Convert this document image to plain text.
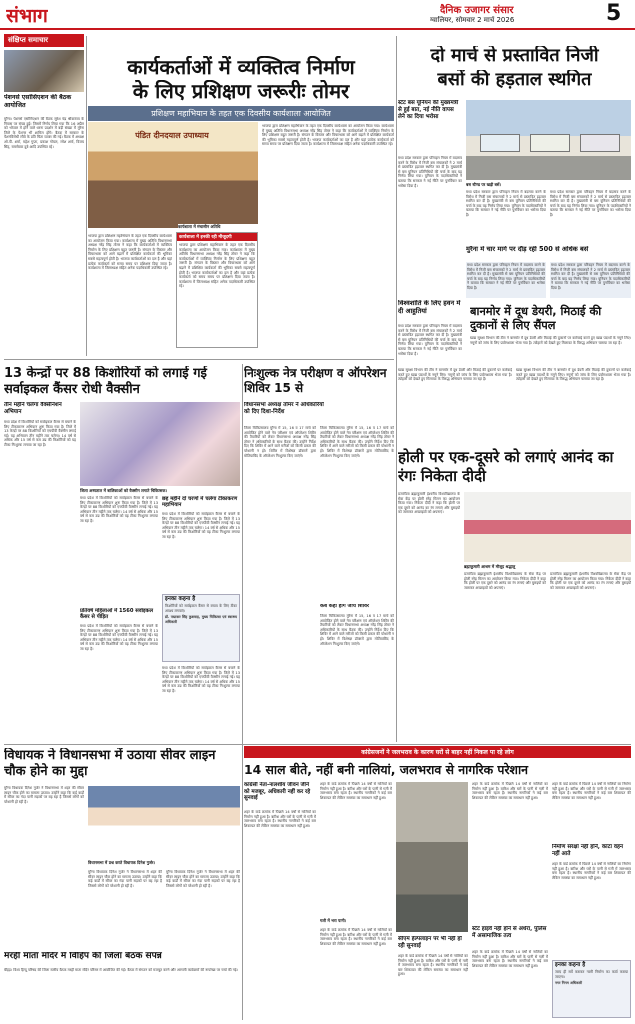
संभाग	दैनिक उजागर संसार
ग्वालियर, सोमवार 2 मार्च 2026	5
संक्षिप्त समाचार
पेंशनर्स एसोसिएशन की बैठक आयोजित
मुरैना। पेंशनर्स एसोसिएशन की बैठक सुरेश चंद्र श्रीवास्तव के निवास पर संपन्न हुई। जिसमें निर्णय लिया गया कि 16 अप्रैल को भोपाल में होने वाले धरना प्रदर्शन में बड़ी संख्या में मुरैना जिले के पेंशनर भी शामिल होंगे। बैठक में सरकार के पेंशनविरोधी रवैये के प्रति चिंता व्यक्त की गई। बैठक में अध्यक्ष ओ.पी. शर्मा, महेश गुप्ता, प्रकाश गोयल, रमेश शर्मा, विजय सिंह, रामसेवक दुबे आदि उपस्थित रहे।
कार्यकर्ताओं में व्यक्तित्व निर्माण
के लिए प्रशिक्षण जरूरीः तोमर
प्रशिक्षण महाभियान के तहत एक दिवसीय कार्यशाला आयोजित
पंडित दीनदयाल उपाध्याय
कार्यशाला में मंचासीन अतिथि
भाजपा द्वारा प्रशिक्षण महाभियान के तहत एक दिवसीय कार्यशाला का आयोजन किया गया। कार्यशाला में मुख्य अतिथि विधानसभा अध्यक्ष नरेंद्र सिंह तोमर ने कहा कि कार्यकर्ताओं में व्यक्तित्व निर्माण के लिए प्रशिक्षण बहुत जरूरी है। संगठन के विस्तार और विचारधारा को आगे बढ़ाने में प्रशिक्षित कार्यकर्ता की भूमिका सबसे महत्वपूर्ण होती है। भाजपा कार्यकर्ताओं का दल है और यहां प्रत्येक कार्यकर्ता को समय समय पर प्रशिक्षण दिया जाता है। कार्यशाला में जिलाध्यक्ष सहित अनेक पदाधिकारी उपस्थित रहे।
भाजपा द्वारा प्रशिक्षण महाभियान के तहत एक दिवसीय कार्यशाला का आयोजन किया गया। कार्यशाला में मुख्य अतिथि विधानसभा अध्यक्ष नरेंद्र सिंह तोमर ने कहा कि कार्यकर्ताओं में व्यक्तित्व निर्माण के लिए प्रशिक्षण बहुत जरूरी है। संगठन के विस्तार और विचारधारा को आगे बढ़ाने में प्रशिक्षित कार्यकर्ता की भूमिका सबसे महत्वपूर्ण होती है। भाजपा कार्यकर्ताओं का दल है और यहां प्रत्येक कार्यकर्ता को समय समय पर प्रशिक्षण दिया जाता है। कार्यशाला में जिलाध्यक्ष सहित अनेक पदाधिकारी उपस्थित रहे।
कार्यशाला में इनकी रही मौजूदगी
भाजपा द्वारा प्रशिक्षण महाभियान के तहत एक दिवसीय कार्यशाला का आयोजन किया गया। कार्यशाला में मुख्य अतिथि विधानसभा अध्यक्ष नरेंद्र सिंह तोमर ने कहा कि कार्यकर्ताओं में व्यक्तित्व निर्माण के लिए प्रशिक्षण बहुत जरूरी है। संगठन के विस्तार और विचारधारा को आगे बढ़ाने में प्रशिक्षित कार्यकर्ता की भूमिका सबसे महत्वपूर्ण होती है। भाजपा कार्यकर्ताओं का दल है और यहां प्रत्येक कार्यकर्ता को समय समय पर प्रशिक्षण दिया जाता है। कार्यशाला में जिलाध्यक्ष सहित अनेक पदाधिकारी उपस्थित रहे।
दो मार्च से प्रस्तावित निजी
बसों की हड़ताल स्थगित
स्टेट बस यूनियन की मुख्यमंत्री से हुई बात, नई नीति वापस लेने का दिया भरोसा
मध्य प्रदेश सरकार द्वारा परिवहन नियम में बदलाव करने के विरोध में निजी बस संचालकों ने 2 मार्च से प्रस्तावित हड़ताल स्थगित कर दी है। मुख्यमंत्री से बस यूनियन प्रतिनिधियों की चर्चा के बाद यह निर्णय लिया गया। यूनियन के पदाधिकारियों ने बताया कि सरकार ने नई नीति पर पुनर्विचार का भरोसा दिया है।	बस स्टैण्ड पर खड़ी बसें।
मध्य प्रदेश सरकार द्वारा परिवहन नियम में बदलाव करने के विरोध में निजी बस संचालकों ने 2 मार्च से प्रस्तावित हड़ताल स्थगित कर दी है। मुख्यमंत्री से बस यूनियन प्रतिनिधियों की चर्चा के बाद यह निर्णय लिया गया। यूनियन के पदाधिकारियों ने बताया कि सरकार ने नई नीति पर पुनर्विचार का भरोसा दिया है।
मध्य प्रदेश सरकार द्वारा परिवहन नियम में बदलाव करने के विरोध में निजी बस संचालकों ने 2 मार्च से प्रस्तावित हड़ताल स्थगित कर दी है। मुख्यमंत्री से बस यूनियन प्रतिनिधियों की चर्चा के बाद यह निर्णय लिया गया। यूनियन के पदाधिकारियों ने बताया कि सरकार ने नई नीति पर पुनर्विचार का भरोसा दिया है।
मुरैना में चार मार्ग पर दौड़ रही 500 से अधिक बसें
मध्य प्रदेश सरकार द्वारा परिवहन नियम में बदलाव करने के विरोध में निजी बस संचालकों ने 2 मार्च से प्रस्तावित हड़ताल स्थगित कर दी है। मुख्यमंत्री से बस यूनियन प्रतिनिधियों की चर्चा के बाद यह निर्णय लिया गया। यूनियन के पदाधिकारियों ने बताया कि सरकार ने नई नीति पर पुनर्विचार का भरोसा दिया है।
मध्य प्रदेश सरकार द्वारा परिवहन नियम में बदलाव करने के विरोध में निजी बस संचालकों ने 2 मार्च से प्रस्तावित हड़ताल स्थगित कर दी है। मुख्यमंत्री से बस यूनियन प्रतिनिधियों की चर्चा के बाद यह निर्णय लिया गया। यूनियन के पदाधिकारियों ने बताया कि सरकार ने नई नीति पर पुनर्विचार का भरोसा दिया है।
विश्वशांति के लिए हवन में दी आहुतियां
मध्य प्रदेश सरकार द्वारा परिवहन नियम में बदलाव करने के विरोध में निजी बस संचालकों ने 2 मार्च से प्रस्तावित हड़ताल स्थगित कर दी है। मुख्यमंत्री से बस यूनियन प्रतिनिधियों की चर्चा के बाद यह निर्णय लिया गया। यूनियन के पदाधिकारियों ने बताया कि सरकार ने नई नीति पर पुनर्विचार का भरोसा दिया है।
बानमोर में दूध डेयरी, मिठाई की दुकानों से लिए सैंपल
खाद्य सुरक्षा विभाग की टीम ने बानमोर में दूध डेयरी और मिठाई की दुकानों पर कार्रवाई करते हुए खाद्य पदार्थों के नमूने लिए। नमूनों को जांच के लिए प्रयोगशाला भेजा गया है। त्योहारों को देखते हुए मिलावट के विरुद्ध अभियान चलाया जा रहा है।
13 केन्द्रों पर 88 किशोरियों को लगाई गई सर्वाइकल कैंसर रोधी वैक्सीन
तीन महीने चलेगा वैक्सीनेशन अभियान
मध्य प्रदेश में किशोरियों को सर्वाइकल कैंसर से बचाने के लिए टीकाकरण अभियान शुरू किया गया है। जिले में 13 केन्द्रों पर 88 किशोरियों को एचपीवी वैक्सीन लगाई गई। यह अभियान तीन महीने तक चलेगा। 14 वर्ष से अधिक और 15 वर्ष से कम उम्र की किशोरियों को यह टीका निःशुल्क लगाया जा रहा है।
जिला अस्पताल में बालिकाओं को वैक्सीन लगाते चिकित्सक।
मध्य प्रदेश में किशोरियों को सर्वाइकल कैंसर से बचाने के लिए टीकाकरण अभियान शुरू किया गया है। जिले में 13 केन्द्रों पर 88 किशोरियों को एचपीवी वैक्सीन लगाई गई। यह अभियान तीन महीने तक चलेगा। 14 वर्ष से अधिक और 15 वर्ष से कम उम्र की किशोरियों को यह टीका निःशुल्क लगाया जा रहा है।
छह महीने दो चरणों में चलेगा टीकाकरण महाभियान
मध्य प्रदेश में किशोरियों को सर्वाइकल कैंसर से बचाने के लिए टीकाकरण अभियान शुरू किया गया है। जिले में 13 केन्द्रों पर 88 किशोरियों को एचपीवी वैक्सीन लगाई गई। यह अभियान तीन महीने तक चलेगा। 14 वर्ष से अधिक और 15 वर्ष से कम उम्र की किशोरियों को यह टीका निःशुल्क लगाया जा रहा है।
प्रतिवर्ष महिलाओं में 1560 सर्वाइकल कैंसर से पीड़ित
मध्य प्रदेश में किशोरियों को सर्वाइकल कैंसर से बचाने के लिए टीकाकरण अभियान शुरू किया गया है। जिले में 13 केन्द्रों पर 88 किशोरियों को एचपीवी वैक्सीन लगाई गई। यह अभियान तीन महीने तक चलेगा। 14 वर्ष से अधिक और 15 वर्ष से कम उम्र की किशोरियों को यह टीका निःशुल्क लगाया जा रहा है।
इनका कहना है
किशोरियों को सर्वाइकल कैंसर से बचाव के लिए टीका अवश्य लगवाएं।
डॉ. पद्माकर सिंह कुशवाह, मुख्य चिकित्सा एवं स्वास्थ्य अधिकारी
मध्य प्रदेश में किशोरियों को सर्वाइकल कैंसर से बचाने के लिए टीकाकरण अभियान शुरू किया गया है। जिले में 13 केन्द्रों पर 88 किशोरियों को एचपीवी वैक्सीन लगाई गई। यह अभियान तीन महीने तक चलेगा। 14 वर्ष से अधिक और 15 वर्ष से कम उम्र की किशोरियों को यह टीका निःशुल्क लगाया जा रहा है।
निःशुल्क नेत्र परीक्षण व ऑपरेशन शिविर 15 से
विधानसभा अध्यक्ष तोमर ने अधिकारियों को दिए दिशा-निर्देश
जिला चिकित्सालय मुरैना में 15, 16 व 17 मार्च को आयोजित होने वाले नेत्र परीक्षण एवं ऑपरेशन शिविर की तैयारियों को लेकर विधानसभा अध्यक्ष नरेंद्र सिंह तोमर ने अधिकारियों के साथ बैठक की। उन्होंने निर्देश दिए कि शिविर में आने वाले मरीजों को किसी प्रकार की परेशानी न हो। शिविर में विशेषज्ञ डॉक्टरों द्वारा मोतियाबिंद के ऑपरेशन निःशुल्क किए जाएंगे।
जिला चिकित्सालय मुरैना में 15, 16 व 17 मार्च को आयोजित होने वाले नेत्र परीक्षण एवं ऑपरेशन शिविर की तैयारियों को लेकर विधानसभा अध्यक्ष नरेंद्र सिंह तोमर ने अधिकारियों के साथ बैठक की। उन्होंने निर्देश दिए कि शिविर में आने वाले मरीजों को किसी प्रकार की परेशानी न हो। शिविर में विशेषज्ञ डॉक्टरों द्वारा मोतियाबिंद के ऑपरेशन निःशुल्क किए जाएंगे।
कब कहां होंगे जांच शिविर
जिला चिकित्सालय मुरैना में 15, 16 व 17 मार्च को आयोजित होने वाले नेत्र परीक्षण एवं ऑपरेशन शिविर की तैयारियों को लेकर विधानसभा अध्यक्ष नरेंद्र सिंह तोमर ने अधिकारियों के साथ बैठक की। उन्होंने निर्देश दिए कि शिविर में आने वाले मरीजों को किसी प्रकार की परेशानी न हो। शिविर में विशेषज्ञ डॉक्टरों द्वारा मोतियाबिंद के ऑपरेशन निःशुल्क किए जाएंगे।
खाद्य सुरक्षा विभाग की टीम ने बानमोर में दूध डेयरी और मिठाई की दुकानों पर कार्रवाई करते हुए खाद्य पदार्थों के नमूने लिए। नमूनों को जांच के लिए प्रयोगशाला भेजा गया है। त्योहारों को देखते हुए मिलावट के विरुद्ध अभियान चलाया जा रहा है।
खाद्य सुरक्षा विभाग की टीम ने बानमोर में दूध डेयरी और मिठाई की दुकानों पर कार्रवाई करते हुए खाद्य पदार्थों के नमूने लिए। नमूनों को जांच के लिए प्रयोगशाला भेजा गया है। त्योहारों को देखते हुए मिलावट के विरुद्ध अभियान चलाया जा रहा है।
होली पर एक-दूसरे को लगाएं आनंद का रंगः निकेता दीदी
प्रजापिता ब्रह्माकुमारी ईश्वरीय विश्वविद्यालय के सेवा केंद्र पर होली स्नेह मिलन का आयोजन किया गया। निकेता दीदी ने कहा कि होली पर एक दूसरे को आनंद का रंग लगाएं और बुराइयों को जलाकर अच्छाइयों को अपनाएं।
ब्रह्माकुमारी आश्रम में मौजूद श्रद्धालु
प्रजापिता ब्रह्माकुमारी ईश्वरीय विश्वविद्यालय के सेवा केंद्र पर होली स्नेह मिलन का आयोजन किया गया। निकेता दीदी ने कहा कि होली पर एक दूसरे को आनंद का रंग लगाएं और बुराइयों को जलाकर अच्छाइयों को अपनाएं।
प्रजापिता ब्रह्माकुमारी ईश्वरीय विश्वविद्यालय के सेवा केंद्र पर होली स्नेह मिलन का आयोजन किया गया। निकेता दीदी ने कहा कि होली पर एक दूसरे को आनंद का रंग लगाएं और बुराइयों को जलाकर अच्छाइयों को अपनाएं।
विधायक ने विधानसभा में उठाया सीवर लाइन चौक होने का मुद्दा
मुरैना विधायक दिनेश गुर्जर ने विधानसभा में शहर की सीवर लाइन चौक होने का मामला उठाया। उन्होंने कहा कि कई वार्डों में सीवर का गंदा पानी सड़कों पर बह रहा है जिससे लोगों को परेशानी हो रही है।
विधानसभा में प्रश्न करते विधायक दिनेश गुर्जर।
मुरैना विधायक दिनेश गुर्जर ने विधानसभा में शहर की सीवर लाइन चौक होने का मामला उठाया। उन्होंने कहा कि कई वार्डों में सीवर का गंदा पानी सड़कों पर बह रहा है जिससे लोगों को परेशानी हो रही है।
मुरैना विधायक दिनेश गुर्जर ने विधानसभा में शहर की सीवर लाइन चौक होने का मामला उठाया। उन्होंने कहा कि कई वार्डों में सीवर का गंदा पानी सड़कों पर बह रहा है जिससे लोगों को परेशानी हो रही है।
मरही माता मंदिर में विहिप की जिला बैठक संपन्न
बीहड़। विश्व हिन्दू परिषद की जिला स्तरीय बैठक मरही माता मंदिर परिसर में आयोजित की गई। बैठक में संगठन को मजबूत करने और आगामी कार्यक्रमों की रूपरेखा पर चर्चा की गई।
कांग्रेसजनों ने जलभराव के कारण घरों से बाहर नहीं निकल पा रहे लोग
14 साल बीते, नहीं बनी नालियां, जलभराव से नागरिक परेशान
कांग्रेसी नेता-नालशीय जीवन जीने को मजबूर, अधिकारी नहीं कर रहे सुनवाई
शहर के वार्ड क्रमांक में पिछले 14 वर्षों से नालियों का निर्माण नहीं हुआ है। बारिश और घरों के पानी से गली में जलभराव बना रहता है। स्थानीय नागरिकों ने कई बार शिकायत की लेकिन समस्या का समाधान नहीं हुआ।
शहर के वार्ड क्रमांक में पिछले 14 वर्षों से नालियों का निर्माण नहीं हुआ है। बारिश और घरों के पानी से गली में जलभराव बना रहता है। स्थानीय नागरिकों ने कई बार शिकायत की लेकिन समस्या का समाधान नहीं हुआ।
गली में भरा पानी।
शहर के वार्ड क्रमांक में पिछले 14 वर्षों से नालियों का निर्माण नहीं हुआ है। बारिश और घरों के पानी से गली में जलभराव बना रहता है। स्थानीय नागरिकों ने कई बार शिकायत की लेकिन समस्या का समाधान नहीं हुआ।
सीएम हेल्पलाइन पर भी नहीं हो रही सुनवाई
शहर के वार्ड क्रमांक में पिछले 14 वर्षों से नालियों का निर्माण नहीं हुआ है। बारिश और घरों के पानी से गली में जलभराव बना रहता है। स्थानीय नागरिकों ने कई बार शिकायत की लेकिन समस्या का समाधान नहीं हुआ।
शहर के वार्ड क्रमांक में पिछले 14 वर्षों से नालियों का निर्माण नहीं हुआ है। बारिश और घरों के पानी से गली में जलभराव बना रहता है। स्थानीय नागरिकों ने कई बार शिकायत की लेकिन समस्या का समाधान नहीं हुआ।
स्टेट हाइवे नहीं होने से अंधेरा, पुलिस में असामाजिक तत्व
शहर के वार्ड क्रमांक में पिछले 14 वर्षों से नालियों का निर्माण नहीं हुआ है। बारिश और घरों के पानी से गली में जलभराव बना रहता है। स्थानीय नागरिकों ने कई बार शिकायत की लेकिन समस्या का समाधान नहीं हुआ।
शहर के वार्ड क्रमांक में पिछले 14 वर्षों से नालियों का निर्माण नहीं हुआ है। बारिश और घरों के पानी से गली में जलभराव बना रहता है। स्थानीय नागरिकों ने कई बार शिकायत की लेकिन समस्या का समाधान नहीं हुआ।
निर्माण सरंक्षा नहीं होने, काटा वहन नहीं आते
शहर के वार्ड क्रमांक में पिछले 14 वर्षों से नालियों का निर्माण नहीं हुआ है। बारिश और घरों के पानी से गली में जलभराव बना रहता है। स्थानीय नागरिकों ने कई बार शिकायत की लेकिन समस्या का समाधान नहीं हुआ।
इनका कहना है
जल्द ही सर्वे कराकर नाली निर्माण का कार्य कराया जाएगा।
नगर निगम अधिकारी
